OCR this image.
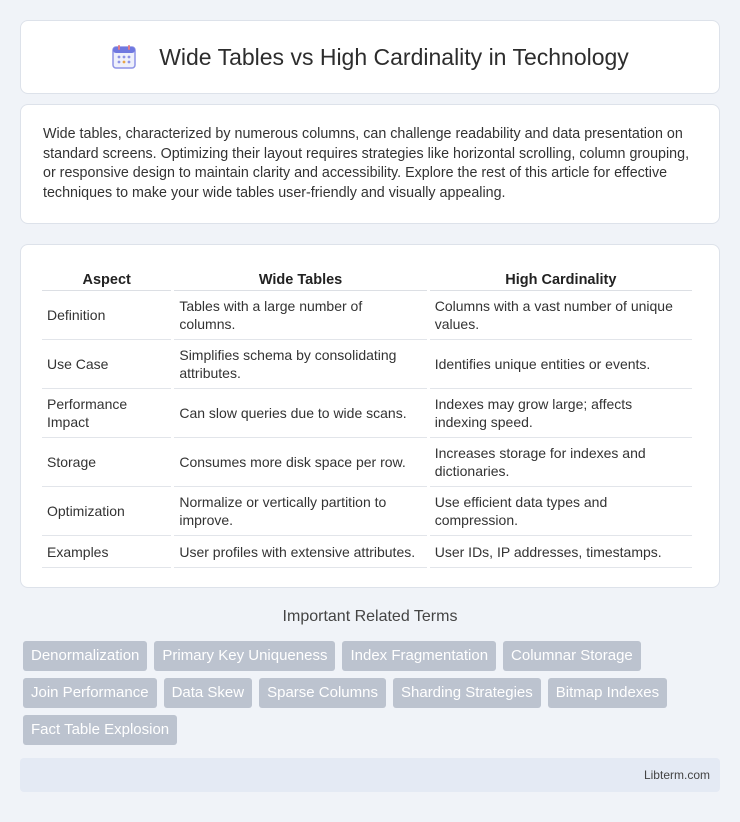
Wide Tables vs High Cardinality in Technology

Wide tables, characterized by numerous columns, can challenge readability and data presentation on standard screens. Optimizing their layout requires strategies like horizontal scrolling, column grouping, or responsive design to maintain clarity and accessibility. Explore the rest of this article for effective techniques to make your wide tables user-friendly and visually appealing.

Aspect	Wide Tables	High Cardinality
Definition	Tables with a large number of columns.	Columns with a vast number of unique values.
Use Case	Simplifies schema by consolidating attributes.	Identifies unique entities or events.
Performance Impact	Can slow queries due to wide scans.	Indexes may grow large; affects indexing speed.
Storage	Consumes more disk space per row.	Increases storage for indexes and dictionaries.
Optimization	Normalize or vertically partition to improve.	Use efficient data types and compression.
Examples	User profiles with extensive attributes.	User IDs, IP addresses, timestamps.
Important Related Terms
Denormalization	Primary Key Uniqueness	Index Fragmentation	Columnar Storage
Join Performance	Data Skew	Sparse Columns	Sharding Strategies	Bitmap Indexes
Fact Table Explosion
Libterm.com
